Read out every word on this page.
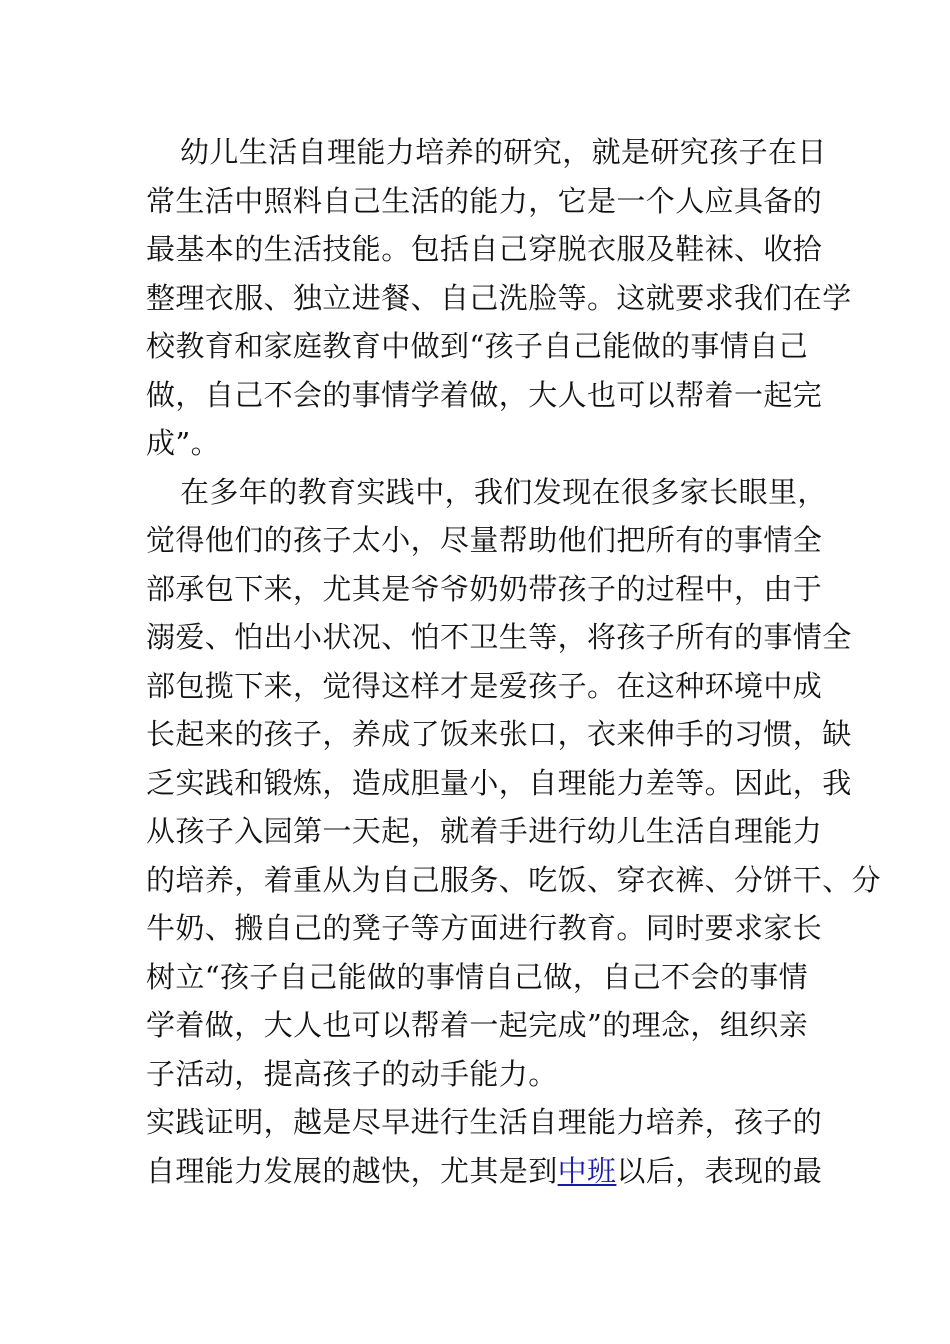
幼儿生活自理能力培养的研究，就是研究孩子在日
常生活中照料自己生活的能力，它是一个人应具备的
最基本的生活技能。包括自己穿脱衣服及鞋袜、收拾
整理衣服、独立进餐、自己洗脸等。这就要求我们在学
校教育和家庭教育中做到“孩子自己能做的事情自己
做，自己不会的事情学着做，大人也可以帮着一起完
成”。

在多年的教育实践中，我们发现在很多家长眼里，
觉得他们的孩子太小，尽量帮助他们把所有的事情全
部承包下来，尤其是爷爷奶奶带孩子的过程中，由于
溺爱、怕出小状况、怕不卫生等，将孩子所有的事情全
部包揽下来，觉得这样才是爱孩子。在这种环境中成
长起来的孩子，养成了饭来张口，衣来伸手的习惯，缺
乏实践和锻炼，造成胆量小，自理能力差等。因此，我
从孩子入园第一天起，就着手进行幼儿生活自理能力
的培养，着重从为自己服务、吃饭、穿衣裤、分饼干、分
牛奶、搬自己的凳子等方面进行教育。同时要求家长
树立“孩子自己能做的事情自己做，自己不会的事情
学着做，大人也可以帮着一起完成”的理念，组织亲
子活动，提高孩子的动手能力。

实践证明，越是尽早进行生活自理能力培养，孩子的
自理能力发展的越快，尤其是到中班以后，表现的最
